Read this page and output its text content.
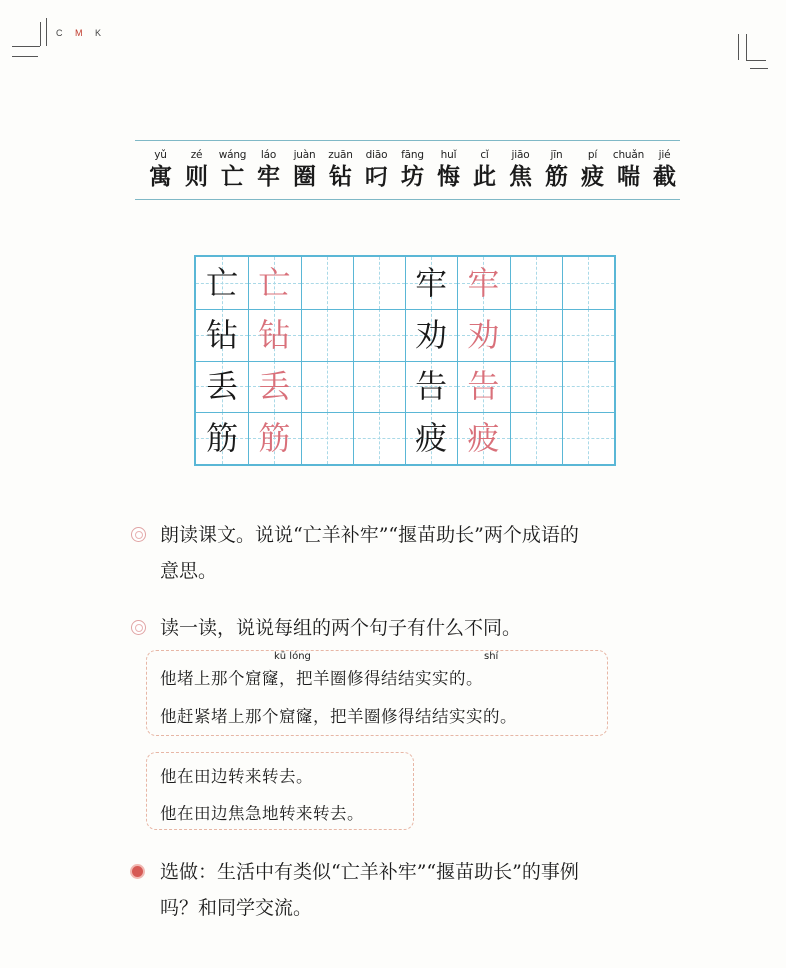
C M K
yǔ
寓
zé
则
wáng
亡
láo
牢
juàn
圈
zuān
钻
diāo
叼
fāng
坊
huǐ
悔
cǐ
此
jiāo
焦
jīn
筋
pí
疲
chuǎn
喘
jié
截
亡 亡
钻 钻
丢 丢
筋 筋
牢 牢
劝 劝
告 告
疲 疲
朗读课文。说说“亡羊补牢”“揠苗助长”两个成语的
意思。
读一读，说说每组的两个句子有什么不同。
kū lóng	shí
他堵上那个窟窿，把羊圈修得结结实实的。
他赶紧堵上那个窟窿，把羊圈修得结结实实的。
他在田边转来转去。
他在田边焦急地转来转去。
选做：生活中有类似“亡羊补牢”“揠苗助长”的事例
吗？和同学交流。
